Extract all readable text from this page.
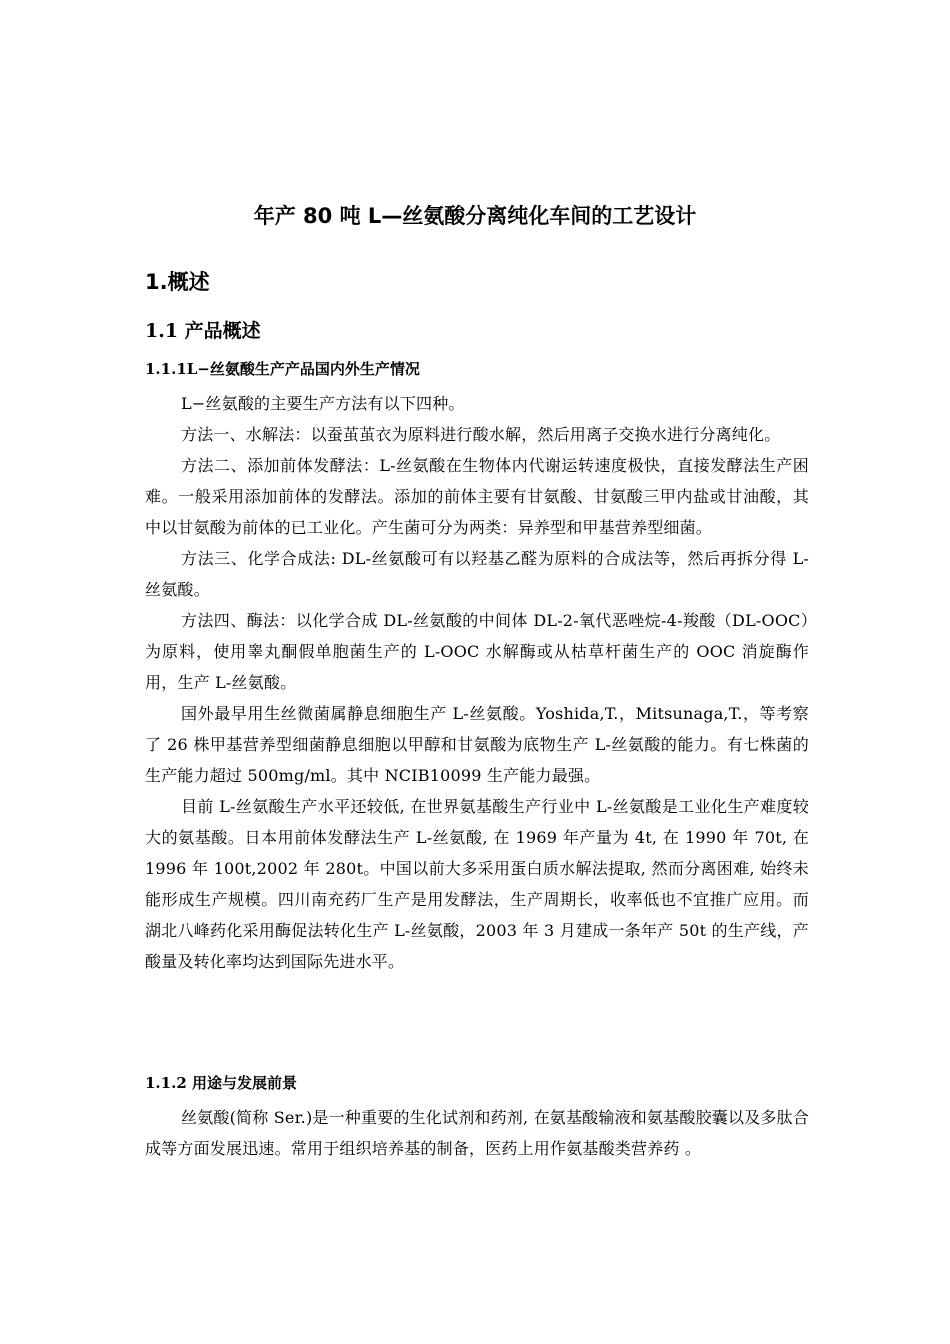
年产 80 吨 L—丝氨酸分离纯化车间的工艺设计
1.概述
1.1 产品概述
1.1.1L−丝氨酸生产产品国内外生产情况

L−丝氨酸的主要生产方法有以下四种。

方法一、水解法：以蚕茧茧衣为原料进行酸水解，然后用离子交换水进行分离纯化。

方法二、添加前体发酵法：L-丝氨酸在生物体内代谢运转速度极快，直接发酵法生产困难。一般采用添加前体的发酵法。添加的前体主要有甘氨酸、甘氨酸三甲内盐或甘油酸，其中以甘氨酸为前体的已工业化。产生菌可分为两类：异养型和甲基营养型细菌。

方法三、化学合成法: DL-丝氨酸可有以羟基乙醛为原料的合成法等，然后再拆分得 L-丝氨酸。

方法四、酶法：以化学合成 DL-丝氨酸的中间体 DL-2-氧代恶唑烷-4-羧酸（DL-OOC）为原料，使用睾丸酮假单胞菌生产的 L-OOC 水解酶或从枯草杆菌生产的 OOC 消旋酶作用，生产 L-丝氨酸。

国外最早用生丝微菌属静息细胞生产 L-丝氨酸。Yoshida,T.，Mitsunaga,T.，等考察了 26 株甲基营养型细菌静息细胞以甲醇和甘氨酸为底物生产 L-丝氨酸的能力。有七株菌的生产能力超过 500mg/ml。其中 NCIB10099 生产能力最强。

目前 L-丝氨酸生产水平还较低, 在世界氨基酸生产行业中 L-丝氨酸是工业化生产难度较大的氨基酸。日本用前体发酵法生产 L-丝氨酸, 在 1969 年产量为 4t, 在 1990 年 70t, 在 1996 年 100t,2002 年 280t。中国以前大多采用蛋白质水解法提取, 然而分离困难, 始终未能形成生产规模。四川南充药厂生产是用发酵法，生产周期长，收率低也不宜推广应用。而湖北八峰药化采用酶促法转化生产 L-丝氨酸，2003 年 3 月建成一条年产 50t 的生产线，产酸量及转化率均达到国际先进水平。

1.1.2 用途与发展前景

丝氨酸(简称 Ser.)是一种重要的生化试剂和药剂, 在氨基酸输液和氨基酸胶囊以及多肽合成等方面发展迅速。常用于组织培养基的制备，医药上用作氨基酸类营养药 。
